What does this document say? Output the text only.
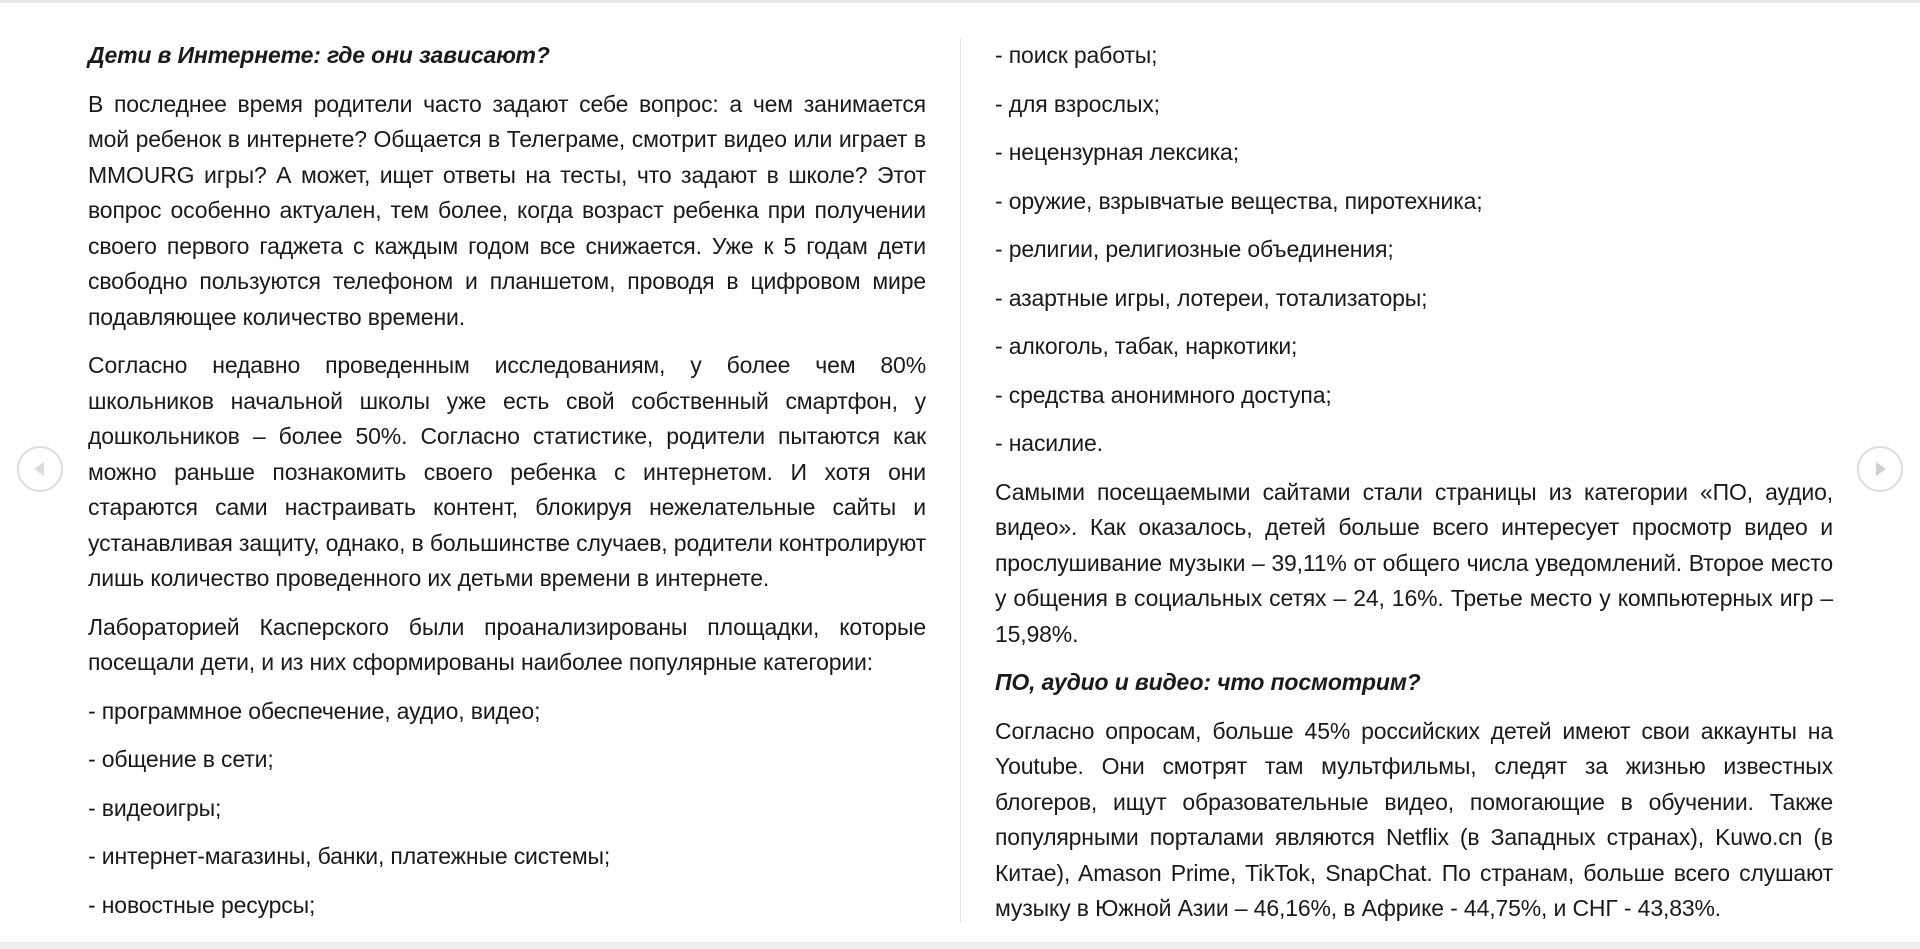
Дети в Интернете: где они зависают?

В последнее время родители часто задают себе вопрос: а чем занимается мой ребенок в интернете? Общается в Телеграме, смотрит видео или играет в MMOURG игры? А может, ищет ответы на тесты, что задают в школе? Этот вопрос особенно актуален, тем более, когда возраст ребенка при получении своего первого гаджета с каждым годом все снижается. Уже к 5 годам дети свободно пользуются телефоном и планшетом, проводя в цифровом мире подавляющее количество времени.

Согласно недавно проведенным исследованиям, у более чем 80% школьников начальной школы уже есть свой собственный смартфон, у дошкольников – более 50%. Согласно статистике, родители пытаются как можно раньше познакомить своего ребенка с интернетом. И хотя они стараются сами настраивать контент, блокируя нежелательные сайты и устанавливая защиту, однако, в большинстве случаев, родители контролируют лишь количество проведенного их детьми времени в интернете.

Лабораторией Касперского были проанализированы площадки, которые посещали дети, и из них сформированы наиболее популярные категории:

- программное обеспечение, аудио, видео;
- общение в сети;
- видеоигры;
- интернет-магазины, банки, платежные системы;
- новостные ресурсы;
- поиск работы;
- для взрослых;
- нецензурная лексика;
- оружие, взрывчатые вещества, пиротехника;
- религии, религиозные объединения;
- азартные игры, лотереи, тотализаторы;
- алкоголь, табак, наркотики;
- средства анонимного доступа;
- насилие.

Самыми посещаемыми сайтами стали страницы из категории «ПО, аудио, видео». Как оказалось, детей больше всего интересует просмотр видео и прослушивание музыки – 39,11% от общего числа уведомлений. Второе место у общения в социальных сетях – 24, 16%. Третье место у компьютерных игр – 15,98%.

ПО, аудио и видео: что посмотрим?

Согласно опросам, больше 45% российских детей имеют свои аккаунты на Youtube. Они смотрят там мультфильмы, следят за жизнью известных блогеров, ищут образовательные видео, помогающие в обучении. Также популярными порталами являются Netflix (в Западных странах), Kuwo.cn (в Китае), Amason Prime, TikTok, SnapChat. По странам, больше всего слушают музыку в Южной Азии – 46,16%, в Африке - 44,75%, и СНГ - 43,83%.
